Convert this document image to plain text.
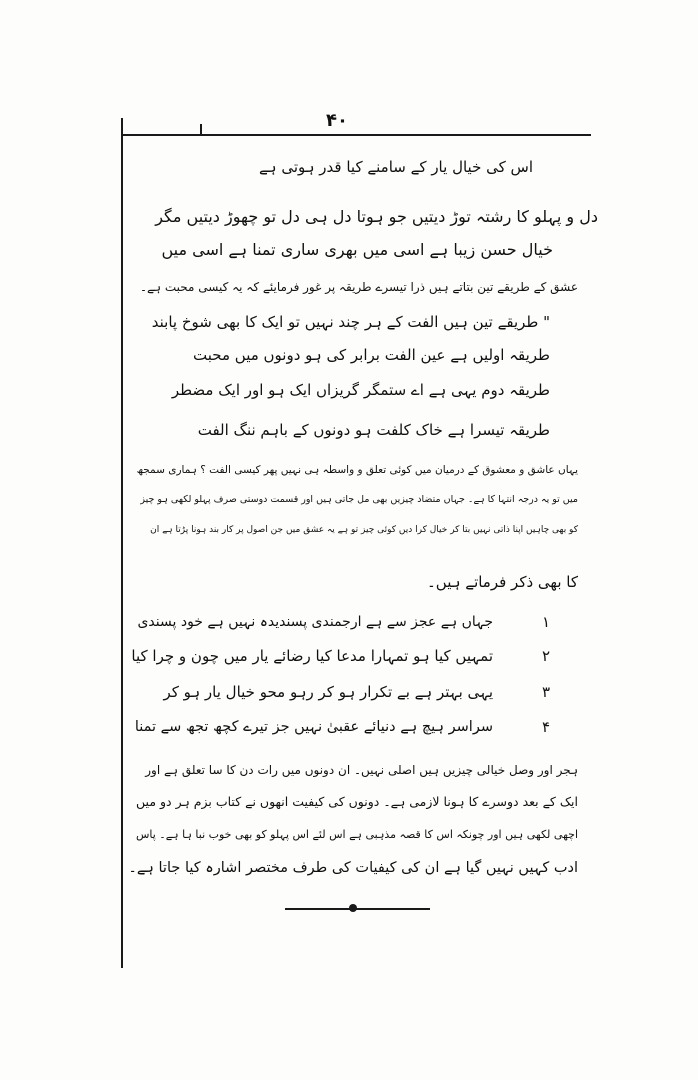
۴۰
اس کی خیال یار کے سامنے کیا قدر ہوتی ہے
دل و پہلو کا رشتہ توڑ دیتیں جو ہوتا دل ہی دل تو چھوڑ دیتیں مگر
خیال حسن زیبا ہے اسی میں بھری ساری تمنا ہے اسی میں
عشق کے طریقے تین بتاتے ہیں ذرا تیسرے طریقہ پر غور فرمایئے کہ یہ کیسی محبت ہے۔
" طریقے تین ہیں الفت کے ہر چند نہیں تو ایک کا بھی شوخ پابند
طریقہ اولیں ہے عین الفت برابر کی ہو دونوں میں محبت
طریقہ دوم یہی ہے اے ستمگر گریزاں ایک ہو اور ایک مضطر
طریقہ تیسرا ہے خاک کلفت ہو دونوں کے باہم ننگ الفت
یہاں عاشق و معشوق کے درمیان میں کوئی تعلق و واسطہ ہی نہیں پھر کیسی الفت ؟ ہماری سمجھ
میں تو یہ درجہ انتہا کا ہے۔ جہاں متضاد چیزیں بھی مل جاتی ہیں اور قسمت دوستی صرف پہلو لکھی ہو چیز
کو بھی چاہیں اپنا ذاتی نہیں بتا کر خیال کرا دیں کوئی چیز تو ہے یہ عشق میں جن اصول پر کار بند ہونا پڑتا ہے ان
کا بھی ذکر فرماتے ہیں۔
جہاں ہے عجز سے ہے ارجمندی پسندیدہ نہیں ہے خود پسندی	۱
تمہیں کیا ہو تمہارا مدعا کیا رضائے یار میں چون و چرا کیا	۲
یہی بہتر ہے بے تکرار ہو کر رہو محو خیال یار ہو کر	۳
سراسر ہیچ ہے دنیائے عقبیٰ نہیں جز تیرے کچھ تجھ سے تمنا	۴
ہجر اور وصل خیالی چیزیں ہیں اصلی نہیں۔ ان دونوں میں رات دن کا سا تعلق ہے اور
ایک کے بعد دوسرے کا ہونا لازمی ہے۔ دونوں کی کیفیت انھوں نے کتاب بزم ہر دو میں
اچھی لکھی ہیں اور چونکہ اس کا قصہ مذہبی ہے اس لئے اس پہلو کو بھی خوب نبا ہا ہے۔ پاس
ادب کہیں نہیں گیا ہے ان کی کیفیات کی طرف مختصر اشارہ کیا جاتا ہے۔
